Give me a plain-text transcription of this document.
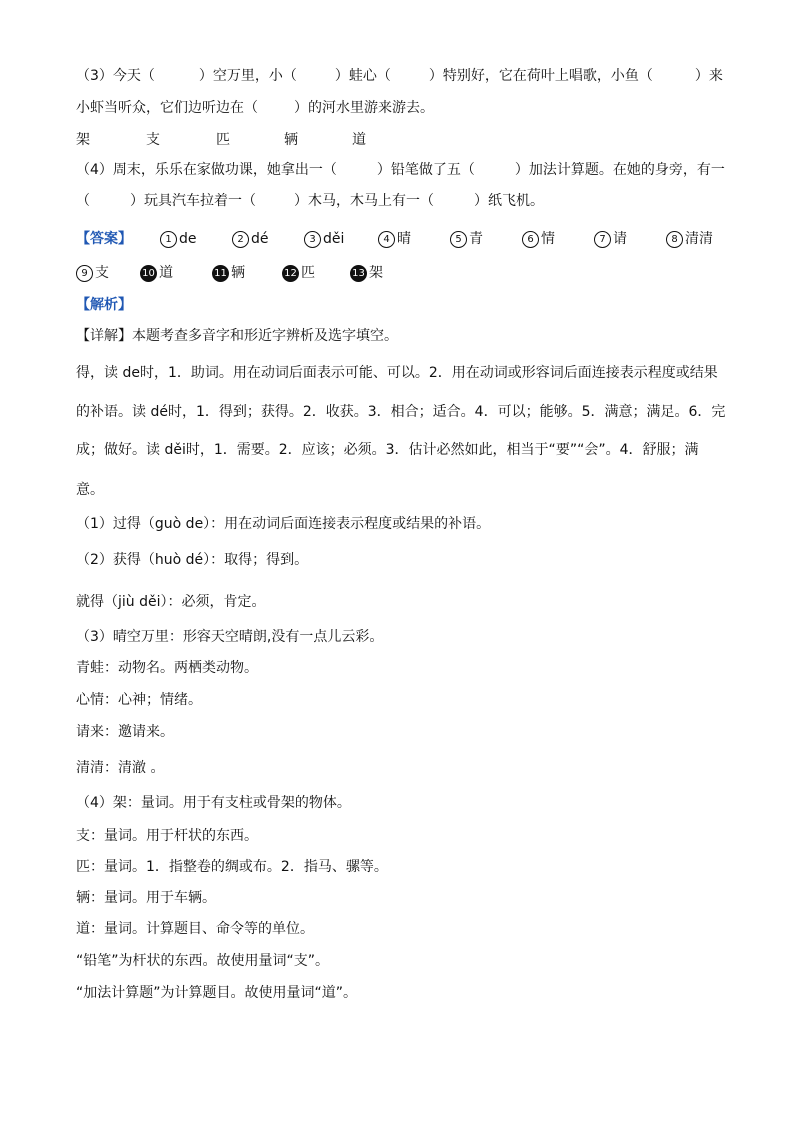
（3）今天（	）空万里，小（	）蛙心（	）特别好，它在荷叶上唱歌，小鱼（	）来
小虾当听众，它们边听边在（	）的河水里游来游去。
架	支	匹	辆	道
（4）周末，乐乐在家做功课，她拿出一（	）铅笔做了五（	）加法计算题。在她的身旁，有一
（	）玩具汽车拉着一（	）木马，木马上有一（	）纸飞机。
【答案】	1 de	2 dé	3 děi	4 晴	5 青	6 情	7 请	8 清清
9 支	10 道	11 辆	12 匹	13 架
【解析】
【详解】本题考查多音字和形近字辨析及选字填空。
得，读 de时，1．助词。用在动词后面表示可能、可以。2．用在动词或形容词后面连接表示程度或结果
的补语。读 dé时，1．得到；获得。2．收获。3．相合；适合。4．可以；能够。5．满意；满足。6．完
成；做好。读 děi时，1．需要。2．应该；必须。3．估计必然如此，相当于“要”“会”。4．舒服；满
意。
（1）过得（guò de）：用在动词后面连接表示程度或结果的补语。
（2）获得（huò dé）：取得；得到。
就得（jiù děi）：必须，肯定。
（3）晴空万里：形容天空晴朗,没有一点儿云彩。
青蛙：动物名。两栖类动物。
心情：心神；情绪。
请来：邀请来。
清清：清澈 。
（4）架：量词。用于有支柱或骨架的物体。
支：量词。用于杆状的东西。
匹：量词。1．指整卷的绸或布。2．指马、骡等。
辆：量词。用于车辆。
道：量词。计算题目、命令等的单位。
“铅笔”为杆状的东西。故使用量词“支”。
“加法计算题”为计算题目。故使用量词“道”。
